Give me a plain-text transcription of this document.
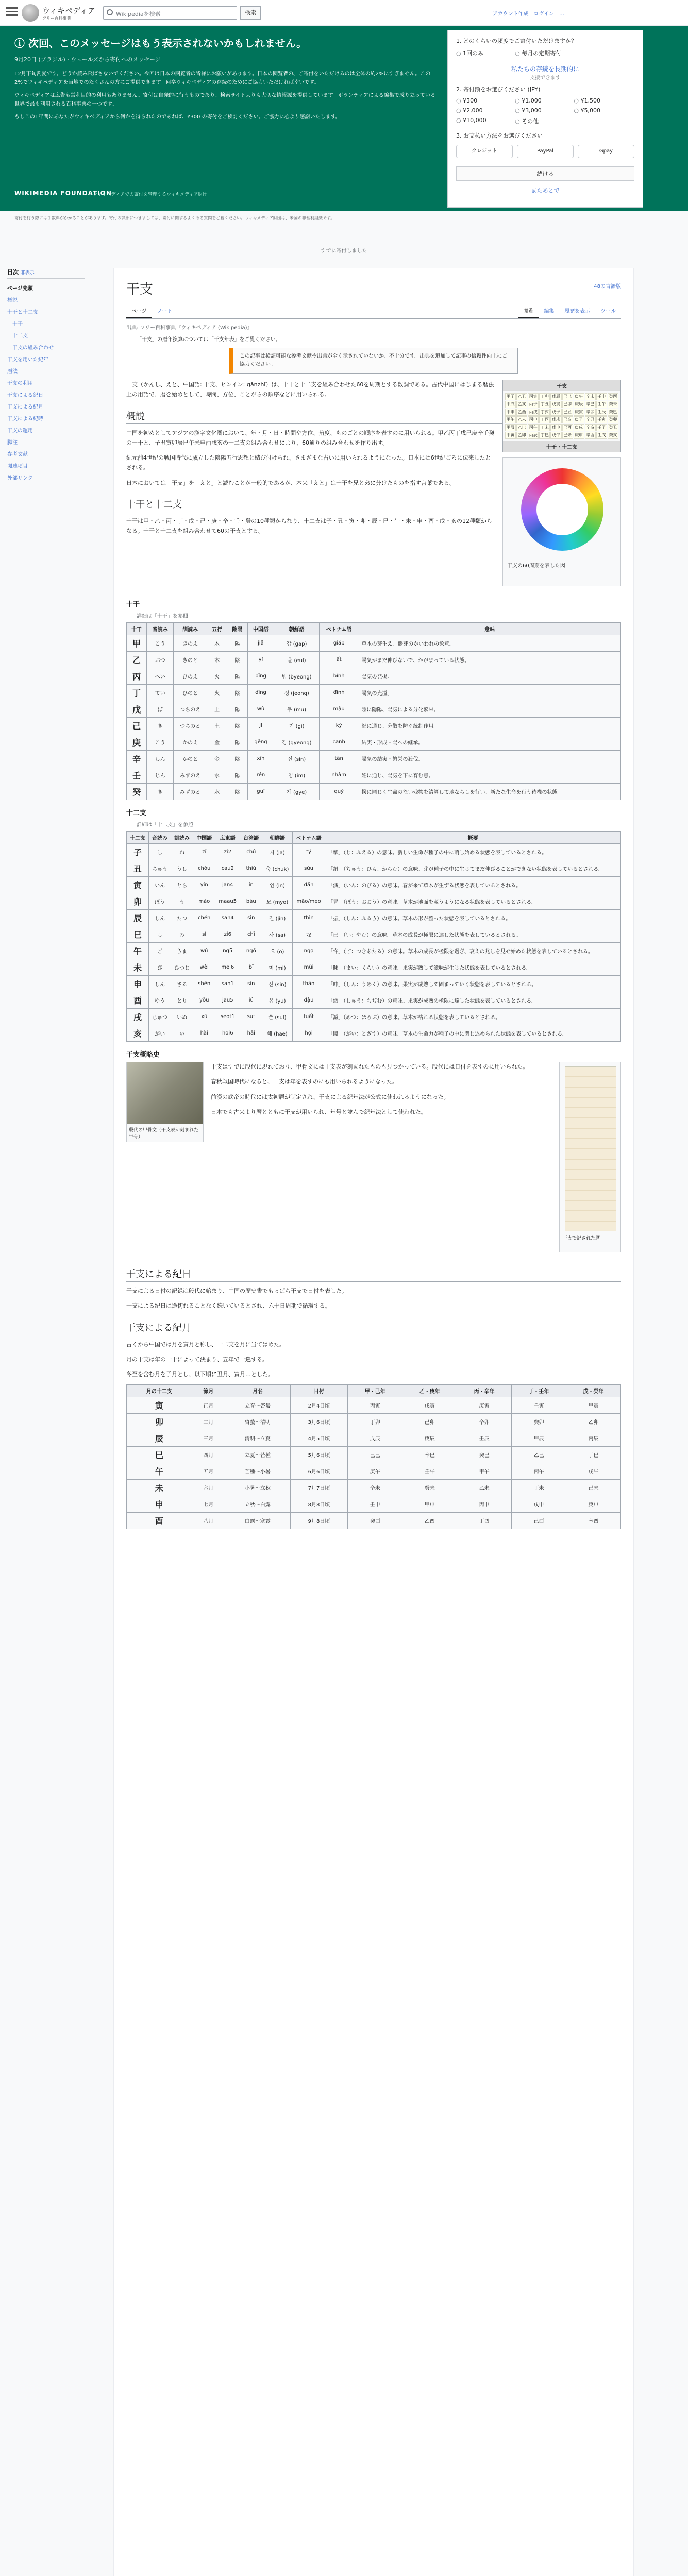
ウィキペディア
フリー百科事典
Wikipediaを検索	検索	アカウント作成 ログイン …
ⓘ 次回、このメッセージはもう表示されないかもしれません。
9月20日 (ブラジル) · ウェールズから寄付へのメッセージ
12月下旬割愛です。どうか読み飛ばさないでください。今回は日本の閲覧者の皆様にお願いがあります。日本の閲覧者の、ご寄付をいただけるのは全体の約2%にすぎません。この2%でウィキペディアを当地でのたくさんの方にご提供できます。何卒ウィキペディアの存続のためにご協力いただければ幸いです。
ウィキペディアは広告も営利目的の利用もありません。寄付は自発的に行うものであり、検索サイトよりも大切な情報源を提供しています。ボランティアによる編集で成り立っている世界で最も利用される百科事典の一つです。
もしこの1年間にあなたがウィキペディアから何かを得られたのであれば、¥300 の寄付をご検討ください。ご協力に心より感謝いたします。
WIKIMEDIA FOUNDATION
ウィキペディアでの寄付を管理するウィキメディア財団
1. どのくらいの頻度でご寄付いただけますか？
○ 1回のみ	○ 毎月の定期寄付
私たちの存続を長期的に
支援できます
2. 寄付額をお選びください (JPY)
○ ¥300	○ ¥1,000	○ ¥1,500
○ ¥2,000	○ ¥3,000	○ ¥5,000
○ ¥10,000	○ その他
3. お支払い方法をお選びください
クレジット	PayPal	Gpay
続ける
またあとで
寄付を行う際には手数料がかかることがあります。寄付の詳細につきましては、寄付に関するよくある質問をご覧ください。ウィキメディア財団は、米国の非営利組織です。
すでに寄付しました
目次 非表示
ページ先頭
概説
十干と十二支
十干
十二支
干支の組み合わせ
干支を用いた紀年
暦法
干支の利用
干支による紀日
干支による紀月
干支による紀時
干支の運用
脚注
参考文献
関連項目
外部リンク
干支	48の言語版
ページ	ノート	閲覧	編集	履歴を表示	ツール
出典: フリー百科事典『ウィキペディア (Wikipedia)』
「干支」の暦年換算については「干支年表」をご覧ください。
この記事は検証可能な参考文献や出典が全く示されていないか、不十分です。出典を追加して記事の信頼性向上にご協力ください。
干支
甲子 乙丑 丙寅 丁卯 戊辰 己巳 庚午 辛未 壬申 癸酉
甲戌 乙亥 丙子 丁丑 戊寅 己卯 庚辰 辛巳 壬午 癸未
甲申 乙酉 丙戌 丁亥 戊子 己丑 庚寅 辛卯 壬辰 癸巳
甲午 乙未 丙申 丁酉 戊戌 己亥 庚子 辛丑 壬寅 癸卯
甲辰 乙巳 丙午 丁未 戊申 己酉 庚戌 辛亥 壬子 癸丑
甲寅 乙卯 丙辰 丁巳 戊午 己未 庚申 辛酉 壬戌 癸亥
十干・十二支
干支（かんし、えと、中国語: 干支、ピンイン: gānzhī）は、十干と十二支を組み合わせた60を周期とする数詞である。古代中国にはじまる暦法上の用語で、暦を始めとして、時間、方位、ことがらの順序などに用いられる。
概説
干支の60周期を表した図
中国を初めとしてアジアの漢字文化圏において、年・月・日・時間や方位、角度、ものごとの順序を表すのに用いられる。甲乙丙丁戊己庚辛壬癸の十干と、子丑寅卯辰巳午未申酉戌亥の十二支の組み合わせにより、60通りの組み合わせを作り出す。
紀元前4世紀の戦国時代に成立した陰陽五行思想と結び付けられ、さまざまな占いに用いられるようになった。日本には6世紀ごろに伝来したとされる。
日本においては「干支」を「えと」と読むことが一般的であるが、本来「えと」は十干を兄と弟に分けたものを指す言葉である。
十干と十二支
十干は甲・乙・丙・丁・戊・己・庚・辛・壬・癸の10種類からなり、十二支は子・丑・寅・卯・辰・巳・午・未・申・酉・戌・亥の12種類からなる。十干と十二支を組み合わせて60の干支とする。
十干
詳細は「十干」を参照
十干	音読み	訓読み	五行	陰陽	中国語	朝鮮語	ベトナム語	意味
甲	こう	きのえ	木	陽	jiǎ	갑 (gap)	giáp	草木の芽生え、鱗芽のかいわれの象意。
乙	おつ	きのと	木	陰	yǐ	을 (eul)	ất	陽気がまだ伸びないで、かがまっている状態。
丙	へい	ひのえ	火	陽	bǐng	병 (byeong)	bính	陽気の発揚。
丁	てい	ひのと	火	陰	dīng	정 (jeong)	đinh	陽気の充溢。
戊	ぼ	つちのえ	土	陽	wù	무 (mu)	mậu	陰に隠陽、陽気による分化繁栄。
己	き	つちのと	土	陰	jǐ	기 (gi)	kỷ	紀に通じ、分散を防ぐ統制作用。
庚	こう	かのえ	金	陽	gēng	경 (gyeong)	canh	結実・形成・陽への継承。
辛	しん	かのと	金	陰	xīn	신 (sin)	tân	陽気の結実・繁栄の殺伐。
壬	じん	みずのえ	水	陽	rén	임 (im)	nhâm	妊に通じ、陽気を下に育む意。
癸	き	みずのと	水	陰	guǐ	계 (gye)	quý	揆に同じく生命のない残物を清算して地ならしを行い、新たな生命を行う待機の状態。
十二支
詳細は「十二支」を参照
十二支	音読み	訓読み	中国語	広東語	台湾語	朝鮮語	ベトナム語	概要
子	し	ね	zǐ	zi2	chú	자 (ja)	tý	「孳」（じ：ふえる）の意味。新しい生命が種子の中に萌し始める状態を表しているとされる。
丑	ちゅう	うし	chǒu	cau2	thiú	축 (chuk)	sửu	「紐」（ちゅう：ひも、からむ）の意味。芽が種子の中に生じてまだ伸びることができない状態を表しているとされる。
寅	いん	とら	yín	jan4	în	인 (in)	dần	「演」（いん：のびる）の意味。春が来て草木が生ずる状態を表しているとされる。
卯	ぼう	う	mǎo	maau5	báu	묘 (myo)	mão/mẹo	「冒」（ぼう：おおう）の意味。草木が地面を蔽うようになる状態を表しているとされる。
辰	しん	たつ	chén	san4	sîn	진 (jin)	thìn	「振」（しん：ふるう）の意味。草木の形が整った状態を表しているとされる。
巳	し	み	sì	zi6	chī	사 (sa)	tỵ	「已」（い：やむ）の意味。草木の成長が極限に達した状態を表しているとされる。
午	ご	うま	wǔ	ng5	ngó͘	오 (o)	ngọ	「忤」（ご：つきあたる）の意味。草木の成長が極限を過ぎ、衰えの兆しを見せ始めた状態を表しているとされる。
未	び	ひつじ	wèi	mei6	bī	미 (mi)	mùi	「昧」（まい：くらい）の意味。果実が熟して滋味が生じた状態を表しているとされる。
申	しん	さる	shēn	san1	sin	신 (sin)	thân	「呻」（しん：うめく）の意味。果実が成熟して固まっていく状態を表しているとされる。
酉	ゆう	とり	yǒu	jau5	iú	유 (yu)	dậu	「緧」（しゅう：ちぢむ）の意味。果実が成熟の極限に達した状態を表しているとされる。
戌	じゅつ	いぬ	xū	seot1	sut	술 (sul)	tuất	「滅」（めつ：ほろぶ）の意味。草木が枯れる状態を表しているとされる。
亥	がい	い	hài	hoi6	hāi	해 (hae)	hợi	「閡」（がい：とざす）の意味。草木の生命力が種子の中に閉じ込められた状態を表しているとされる。
干支概略史
殷代の甲骨文（干支表が刻まれた牛骨）
干支で記された暦
干支はすでに殷代に現れており、甲骨文には干支表が刻まれたものも見つかっている。殷代には日付を表すのに用いられた。
春秋戦国時代になると、干支は年を表すのにも用いられるようになった。
前漢の武帝の時代には太初暦が制定され、干支による紀年法が公式に使われるようになった。
日本でも古来より暦とともに干支が用いられ、年号と並んで紀年法として使われた。
干支による紀日
干支による日付の記録は殷代に始まり、中国の歴史書でもっぱら干支で日付を表した。
干支による紀日は途切れることなく続いているとされ、六十日周期で循環する。
干支による紀月
古くから中国では月を寅月と称し、十二支を月に当てはめた。
月の干支は年の十干によって決まり、五年で一巡する。
冬至を含む月を子月とし、以下順に丑月、寅月…とした。
月の十二支	節月	月名	日付	甲・己年	乙・庚年	丙・辛年	丁・壬年	戊・癸年
寅	正月	立春〜啓蟄	2月4日頃	丙寅	戊寅	庚寅	壬寅	甲寅
卯	二月	啓蟄〜清明	3月6日頃	丁卯	己卯	辛卯	癸卯	乙卯
辰	三月	清明〜立夏	4月5日頃	戊辰	庚辰	壬辰	甲辰	丙辰
巳	四月	立夏〜芒種	5月6日頃	己巳	辛巳	癸巳	乙巳	丁巳
午	五月	芒種〜小暑	6月6日頃	庚午	壬午	甲午	丙午	戊午
未	六月	小暑〜立秋	7月7日頃	辛未	癸未	乙未	丁未	己未
申	七月	立秋〜白露	8月8日頃	壬申	甲申	丙申	戊申	庚申
酉	八月	白露〜寒露	9月8日頃	癸酉	乙酉	丁酉	己酉	辛酉
